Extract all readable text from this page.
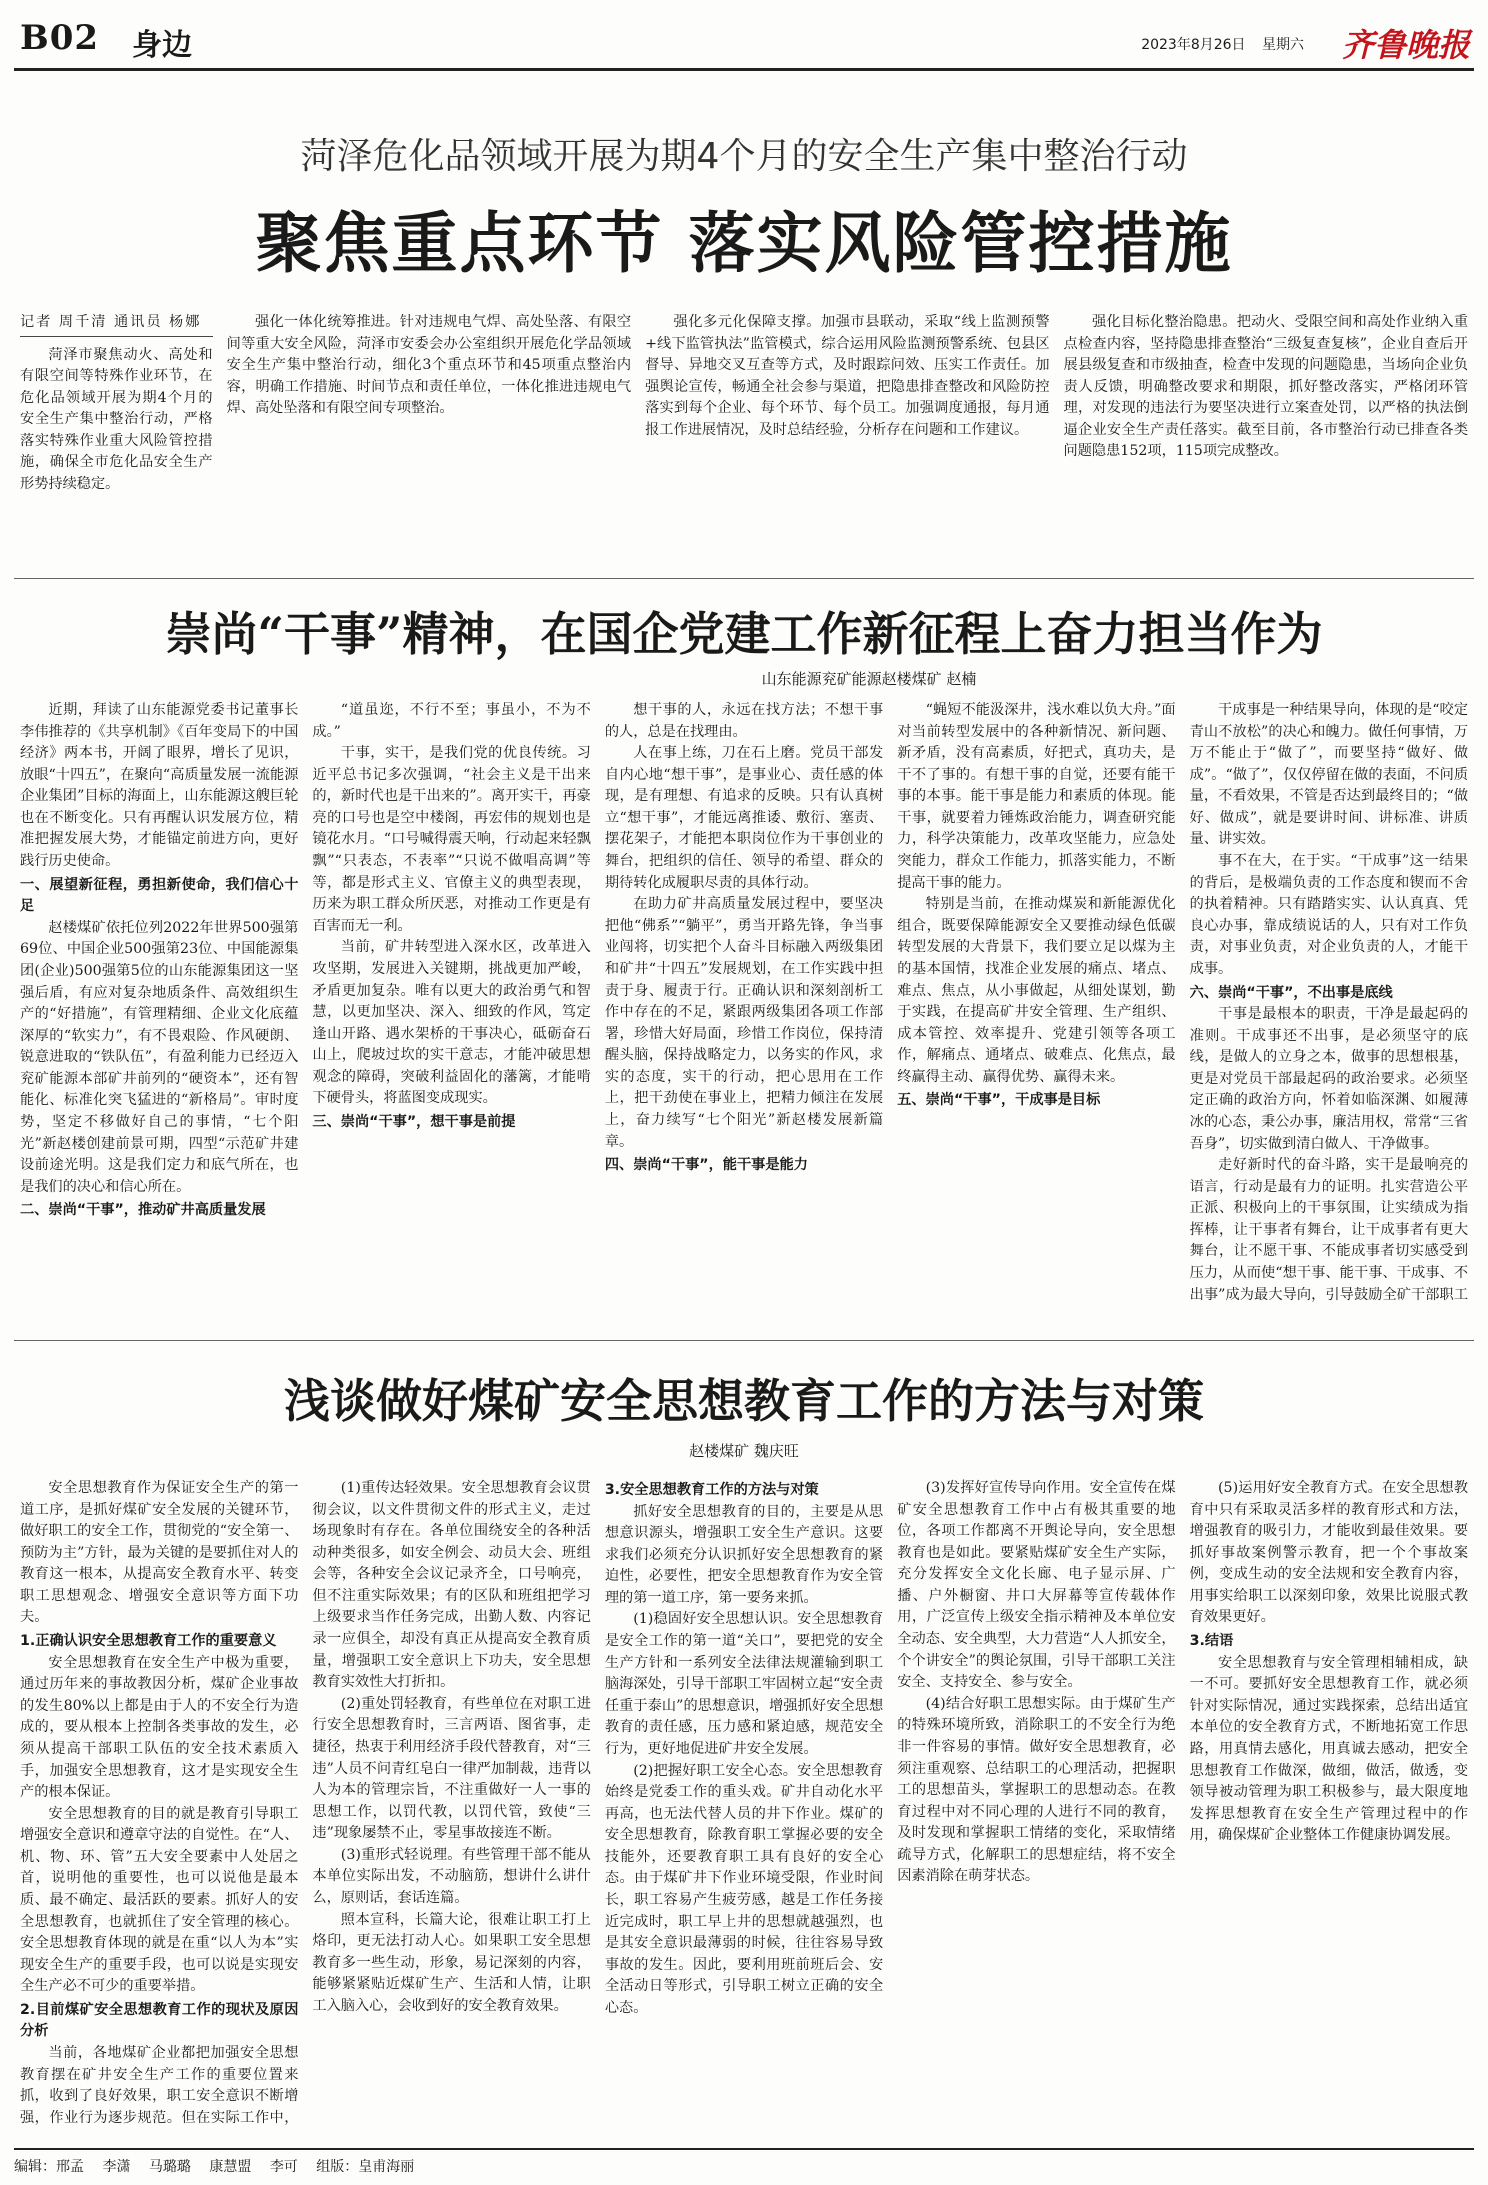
B02 身边	2023年8月26日 星期六 齐鲁晚报
菏泽危化品领域开展为期4个月的安全生产集中整治行动
聚焦重点环节 落实风险管控措施
记者 周千清 通讯员 杨娜

菏泽市聚焦动火、高处和有限空间等特殊作业环节，在危化品领域开展为期4个月的安全生产集中整治行动，严格落实特殊作业重大风险管控措施，确保全市危化品安全生产形势持续稳定。

强化一体化统筹推进。针对违规电气焊、高处坠落、有限空间等重大安全风险，菏泽市安委会办公室组织开展危化学品领域安全生产集中整治行动，细化3个重点环节和45项重点整治内容，明确工作措施、时间节点和责任单位，一体化推进违规电气焊、高处坠落和有限空间专项整治。

强化多元化保障支撑。加强市县联动，采取“线上监测预警+线下监管执法”监管模式，综合运用风险监测预警系统、包县区督导、异地交叉互查等方式，及时跟踪问效、压实工作责任。加强舆论宣传，畅通全社会参与渠道，把隐患排查整改和风险防控落实到每个企业、每个环节、每个员工。加强调度通报，每月通报工作进展情况，及时总结经验，分析存在问题和工作建议。

强化目标化整治隐患。把动火、受限空间和高处作业纳入重点检查内容，坚持隐患排查整治“三级复查复核”，企业自查后开展县级复查和市级抽查，检查中发现的问题隐患，当场向企业负责人反馈，明确整改要求和期限，抓好整改落实，严格闭环管理，对发现的违法行为要坚决进行立案查处罚，以严格的执法倒逼企业安全生产责任落实。截至目前，各市整治行动已排查各类问题隐患152项，115项完成整改。

崇尚“干事”精神，在国企党建工作新征程上奋力担当作为
山东能源兖矿能源赵楼煤矿 赵楠

近期，拜读了山东能源党委书记董事长李伟推荐的《共享机制》《百年变局下的中国经济》两本书，开阔了眼界，增长了见识，放眼“十四五”，在聚向“高质量发展一流能源企业集团”目标的海面上，山东能源这艘巨轮也在不断变化。只有再醒认识发展方位，精准把握发展大势，才能锚定前进方向，更好践行历史使命。

一、展望新征程，勇担新使命，我们信心十足

赵楼煤矿依托位列2022年世界500强第69位、中国企业500强第23位、中国能源集团(企业)500强第5位的山东能源集团这一坚强后盾，有应对复杂地质条件、高效组织生产的“好措施”，有管理精细、企业文化底蕴深厚的“软实力”，有不畏艰险、作风硬朗、锐意进取的“铁队伍”，有盈利能力已经迈入兖矿能源本部矿井前列的“硬资本”，还有智能化、标准化突飞猛进的“新格局”。审时度势，坚定不移做好自己的事情，“七个阳光”新赵楼创建前景可期，四型“示范矿井建设前途光明。这是我们定力和底气所在，也是我们的决心和信心所在。

二、崇尚“干事”，推动矿井高质量发展

“道虽迩，不行不至；事虽小，不为不成。”

干事，实干，是我们党的优良传统。习近平总书记多次强调，“社会主义是干出来的，新时代也是干出来的”。离开实干，再豪亮的口号也是空中楼阁，再宏伟的规划也是镜花水月。“口号喊得震天响，行动起来轻飘飘”“只表态，不表率”“只说不做唱高调”等等，都是形式主义、官僚主义的典型表现，历来为职工群众所厌恶，对推动工作更是有百害而无一利。

当前，矿井转型进入深水区，改革进入攻坚期，发展进入关键期，挑战更加严峻，矛盾更加复杂。唯有以更大的政治勇气和智慧，以更加坚决、深入、细致的作风，笃定逢山开路、遇水架桥的干事决心，砥砺奋石山上，爬坡过坎的实干意志，才能冲破思想观念的障碍，突破利益固化的藩篱，才能啃下硬骨头，将蓝图变成现实。

三、崇尚“干事”，想干事是前提

想干事的人，永远在找方法；不想干事的人，总是在找理由。

人在事上练，刀在石上磨。党员干部发自内心地“想干事”，是事业心、责任感的体现，是有理想、有追求的反映。只有认真树立“想干事”，才能远离推诿、敷衍、塞责、摆花架子，才能把本职岗位作为干事创业的舞台，把组织的信任、领导的希望、群众的期待转化成履职尽责的具体行动。

在助力矿井高质量发展过程中，要坚决把他“佛系”“躺平”，勇当开路先锋，争当事业闯将，切实把个人奋斗目标融入两级集团和矿井“十四五”发展规划，在工作实践中担责于身、履责于行。正确认识和深刻剖析工作中存在的不足，紧跟两级集团各项工作部署，珍惜大好局面，珍惜工作岗位，保持清醒头脑，保持战略定力，以务实的作风，求实的态度，实干的行动，把心思用在工作上，把干劲使在事业上，把精力倾注在发展上，奋力续写“七个阳光”新赵楼发展新篇章。

四、崇尚“干事”，能干事是能力

“蝇短不能汲深井，浅水难以负大舟。”面对当前转型发展中的各种新情况、新问题、新矛盾，没有高素质，好把式，真功夫，是干不了事的。有想干事的自觉，还要有能干事的本事。能干事是能力和素质的体现。能干事，就要着力锤炼政治能力，调查研究能力，科学决策能力，改革攻坚能力，应急处突能力，群众工作能力，抓落实能力，不断提高干事的能力。

特别是当前，在推动煤炭和新能源优化组合，既要保障能源安全又要推动绿色低碳转型发展的大背景下，我们要立足以煤为主的基本国情，找准企业发展的痛点、堵点、难点、焦点，从小事做起，从细处谋划，勤于实践，在提高矿井安全管理、生产组织、成本管控、效率提升、党建引领等各项工作，解痛点、通堵点、破难点、化焦点，最终赢得主动、赢得优势、赢得未来。

五、崇尚“干事”，干成事是目标

干成事是一种结果导向，体现的是“咬定青山不放松”的决心和魄力。做任何事情，万万不能止于“做了”，而要坚持“做好、做成”。“做了”，仅仅停留在做的表面，不问质量，不看效果，不管是否达到最终目的；“做好、做成”，就是要讲时间、讲标准、讲质量、讲实效。

事不在大，在于实。“干成事”这一结果的背后，是极端负责的工作态度和锲而不舍的执着精神。只有踏踏实实、认认真真、凭良心办事，靠成绩说话的人，只有对工作负责，对事业负责，对企业负责的人，才能干成事。

六、崇尚“干事”，不出事是底线

干事是最根本的职责，干净是最起码的准则。干成事还不出事，是必须坚守的底线，是做人的立身之本，做事的思想根基，更是对党员干部最起码的政治要求。必须坚定正确的政治方向，怀着如临深渊、如履薄冰的心态，秉公办事，廉洁用权，常常“三省吾身”，切实做到清白做人、干净做事。

走好新时代的奋斗路，实干是最响亮的语言，行动是最有力的证明。扎实营造公平正派、积极向上的干事氛围，让实绩成为指挥棒，让干事者有舞台，让干成事者有更大舞台，让不愿干事、不能成事者切实感受到压力，从而使“想干事、能干事、干成事、不出事”成为最大导向，引导鼓励全矿干部职工

浅谈做好煤矿安全思想教育工作的方法与对策
赵楼煤矿 魏庆旺

安全思想教育作为保证安全生产的第一道工序，是抓好煤矿安全发展的关键环节，做好职工的安全工作，贯彻党的“安全第一、预防为主”方针，最为关键的是要抓住对人的教育这一根本，从提高安全教育水平、转变职工思想观念、增强安全意识等方面下功夫。

1.正确认识安全思想教育工作的重要意义

安全思想教育在安全生产中极为重要，通过历年来的事故教因分析，煤矿企业事故的发生80%以上都是由于人的不安全行为造成的，要从根本上控制各类事故的发生，必须从提高干部职工队伍的安全技术素质入手，加强安全思想教育，这才是实现安全生产的根本保证。

安全思想教育的目的就是教育引导职工增强安全意识和遵章守法的自觉性。在“人、机、物、环、管”五大安全要素中人处居之首，说明他的重要性，也可以说他是最本质、最不确定、最活跃的要素。抓好人的安全思想教育，也就抓住了安全管理的核心。安全思想教育体现的就是在重“以人为本”实现安全生产的重要手段，也可以说是实现安全生产必不可少的重要举措。

2.目前煤矿安全思想教育工作的现状及原因分析

当前，各地煤矿企业都把加强安全思想教育摆在矿井安全生产工作的重要位置来抓，收到了良好效果，职工安全意识不断增强，作业行为逐步规范。但在实际工作中，

(1)重传达轻效果。安全思想教育会议贯彻会议，以文件贯彻文件的形式主义，走过场现象时有存在。各单位围绕安全的各种活动种类很多，如安全例会、动员大会、班组会等，各种安全会议记录齐全，口号响亮，但不注重实际效果；有的区队和班组把学习上级要求当作任务完成，出勤人数、内容记录一应俱全，却没有真正从提高安全教育质量，增强职工安全意识上下功夫，安全思想教育实效性大打折扣。

(2)重处罚轻教育，有些单位在对职工进行安全思想教育时，三言两语、图省事，走捷径，热衷于利用经济手段代替教育，对“三违”人员不问青红皂白一律严加制裁，违背以人为本的管理宗旨，不注重做好一人一事的思想工作，以罚代教，以罚代管，致使“三违”现象屡禁不止，零星事故接连不断。

(3)重形式轻说理。有些管理干部不能从本单位实际出发，不动脑筋，想讲什么讲什么，原则话，套话连篇。

照本宣科，长篇大论，很难让职工打上烙印，更无法打动人心。如果职工安全思想教育多一些生动，形象，易记深刻的内容，能够紧紧贴近煤矿生产、生活和人情，让职工入脑入心，会收到好的安全教育效果。

3.安全思想教育工作的方法与对策

抓好安全思想教育的目的，主要是从思想意识源头，增强职工安全生产意识。这要求我们必须充分认识抓好安全思想教育的紧迫性，必要性，把安全思想教育作为安全管理的第一道工序，第一要务来抓。

(1)稳固好安全思想认识。安全思想教育是安全工作的第一道“关口”，要把党的安全生产方针和一系列安全法律法规灌输到职工脑海深处，引导干部职工牢固树立起“安全责任重于泰山”的思想意识，增强抓好安全思想教育的责任感，压力感和紧迫感，规范安全行为，更好地促进矿井安全发展。

(2)把握好职工安全心态。安全思想教育始终是党委工作的重头戏。矿井自动化水平再高，也无法代替人员的井下作业。煤矿的安全思想教育，除教育职工掌握必要的安全技能外，还要教育职工具有良好的安全心态。由于煤矿井下作业环境受限，作业时间长，职工容易产生疲劳感，越是工作任务接近完成时，职工早上井的思想就越强烈，也是其安全意识最薄弱的时候，往往容易导致事故的发生。因此，要利用班前班后会、安全活动日等形式，引导职工树立正确的安全心态。

(3)发挥好宣传导向作用。安全宣传在煤矿安全思想教育工作中占有极其重要的地位，各项工作都离不开舆论导向，安全思想教育也是如此。要紧贴煤矿安全生产实际，充分发挥安全文化长廊、电子显示屏、广播、户外橱窗、井口大屏幕等宣传载体作用，广泛宣传上级安全指示精神及本单位安全动态、安全典型，大力营造“人人抓安全，个个讲安全”的舆论氛围，引导干部职工关注安全、支持安全、参与安全。

(4)结合好职工思想实际。由于煤矿生产的特殊环境所致，消除职工的不安全行为绝非一件容易的事情。做好安全思想教育，必须注重观察、总结职工的心理活动，把握职工的思想苗头，掌握职工的思想动态。在教育过程中对不同心理的人进行不同的教育，及时发现和掌握职工情绪的变化，采取情绪疏导方式，化解职工的思想症结，将不安全因素消除在萌芽状态。

(5)运用好安全教育方式。在安全思想教育中只有采取灵活多样的教育形式和方法，增强教育的吸引力，才能收到最佳效果。要抓好事故案例警示教育，把一个个事故案例，变成生动的安全法规和安全教育内容，用事实给职工以深刻印象，效果比说服式教育效果更好。

3.结语

安全思想教育与安全管理相辅相成，缺一不可。要抓好安全思想教育工作，就必须针对实际情况，通过实践探索，总结出适宜本单位的安全教育方式，不断地拓宽工作思路，用真情去感化，用真诚去感动，把安全思想教育工作做深，做细，做活，做透，变领导被动管理为职工积极参与，最大限度地发挥思想教育在安全生产管理过程中的作用，确保煤矿企业整体工作健康协调发展。

编辑：邢孟 李潇 马璐璐 康慧盟 李可 组版：皇甫海丽
